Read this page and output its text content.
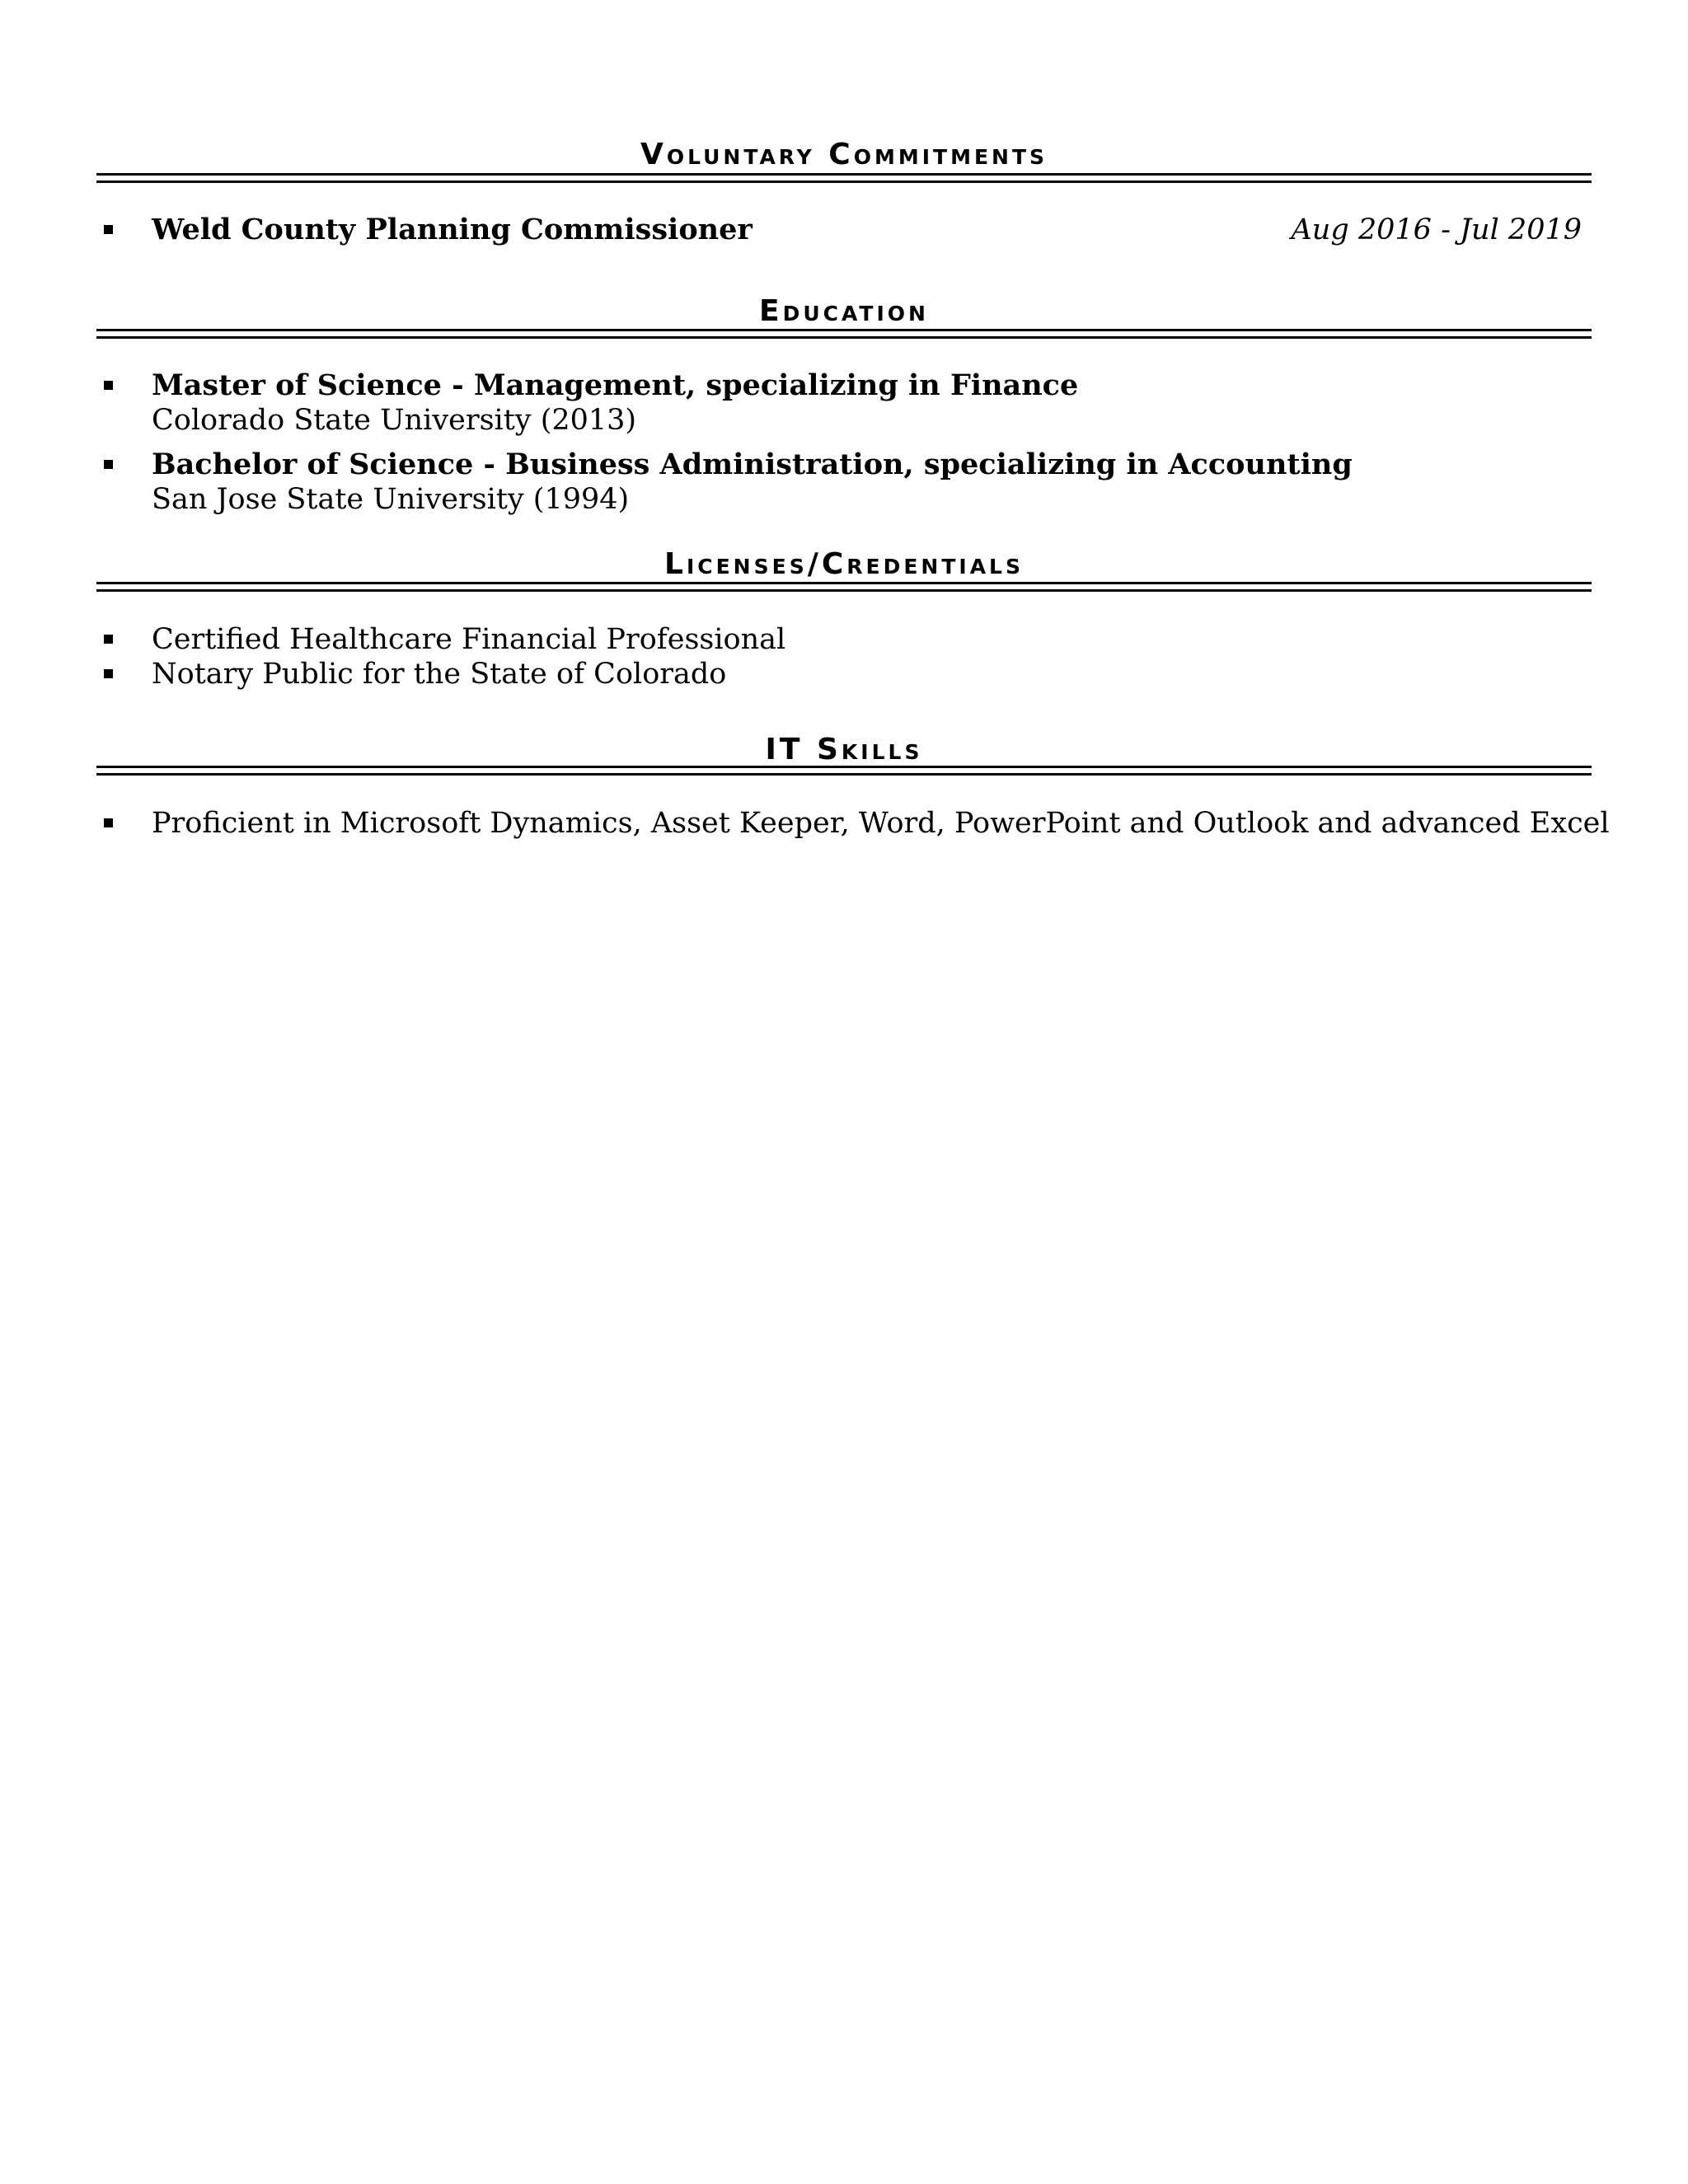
Voluntary Commitments
Weld County Planning Commissioner	Aug 2016 - Jul 2019
Education
Master of Science - Management, specializing in Finance
Colorado State University (2013)
Bachelor of Science - Business Administration, specializing in Accounting
San Jose State University (1994)
Licenses/Credentials
Certified Healthcare Financial Professional
Notary Public for the State of Colorado
IT Skills
Proficient in Microsoft Dynamics, Asset Keeper, Word, PowerPoint and Outlook and advanced Excel
